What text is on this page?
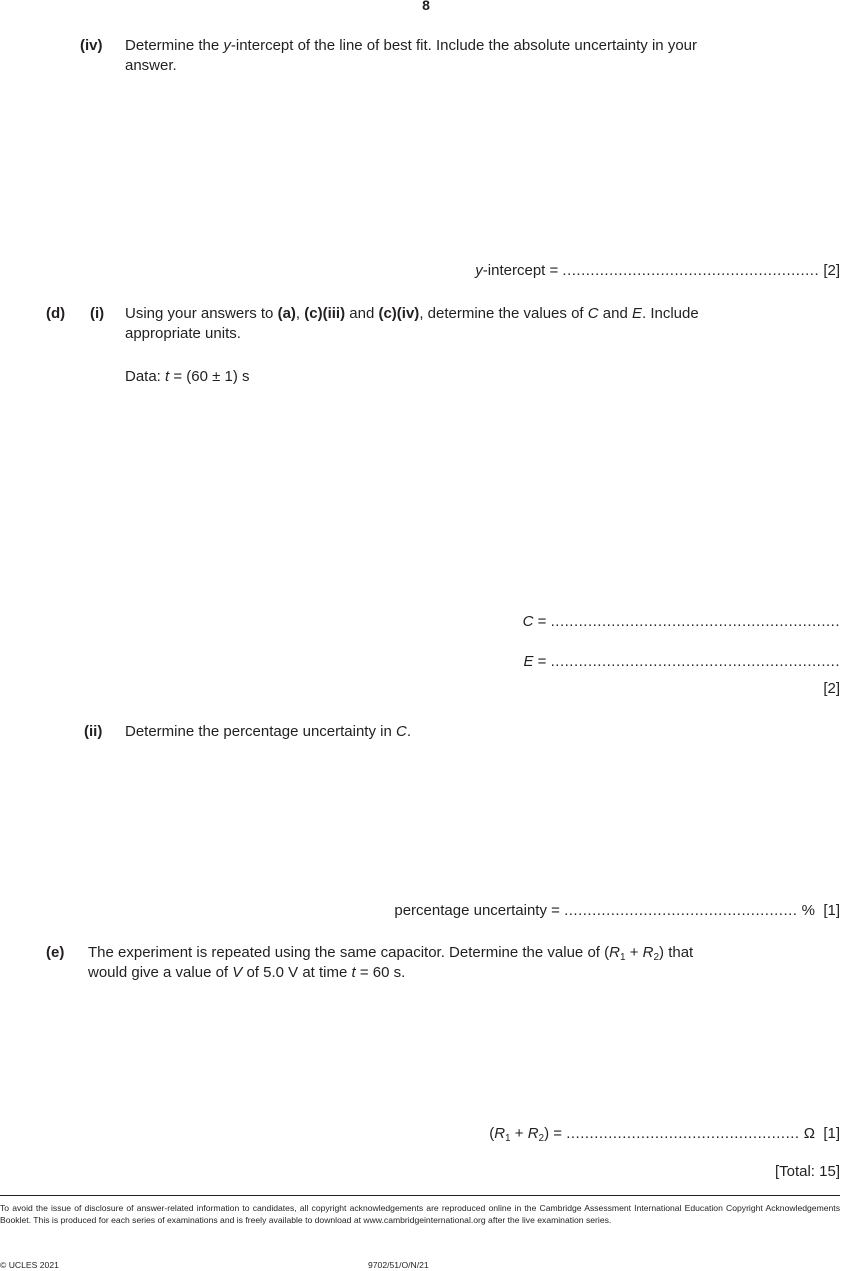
8
(iv) Determine the y-intercept of the line of best fit. Include the absolute uncertainty in your
answer.
y-intercept = ....................................................... [2]
(d) (i) Using your answers to (a), (c)(iii) and (c)(iv), determine the values of C and E. Include
appropriate units.
Data: t = (60 ± 1) s
C = ..............................................................
E = ..............................................................
[2]
(ii) Determine the percentage uncertainty in C.
percentage uncertainty = .................................................. % [1]
(e) The experiment is repeated using the same capacitor. Determine the value of $(R_1 + R_2)$ that
would give a value of V of 5.0 V at time t = 60 s.
$(R_1 + R_2)$ = .................................................. Ω [1]
[Total: 15]
To avoid the issue of disclosure of answer-related information to candidates, all copyright acknowledgements are reproduced online in the Cambridge Assessment International Education Copyright Acknowledgements Booklet. This is produced for each series of examinations and is freely available to download at www.cambridgeinternational.org after the live examination series.
© UCLES 2021	9702/51/O/N/21
